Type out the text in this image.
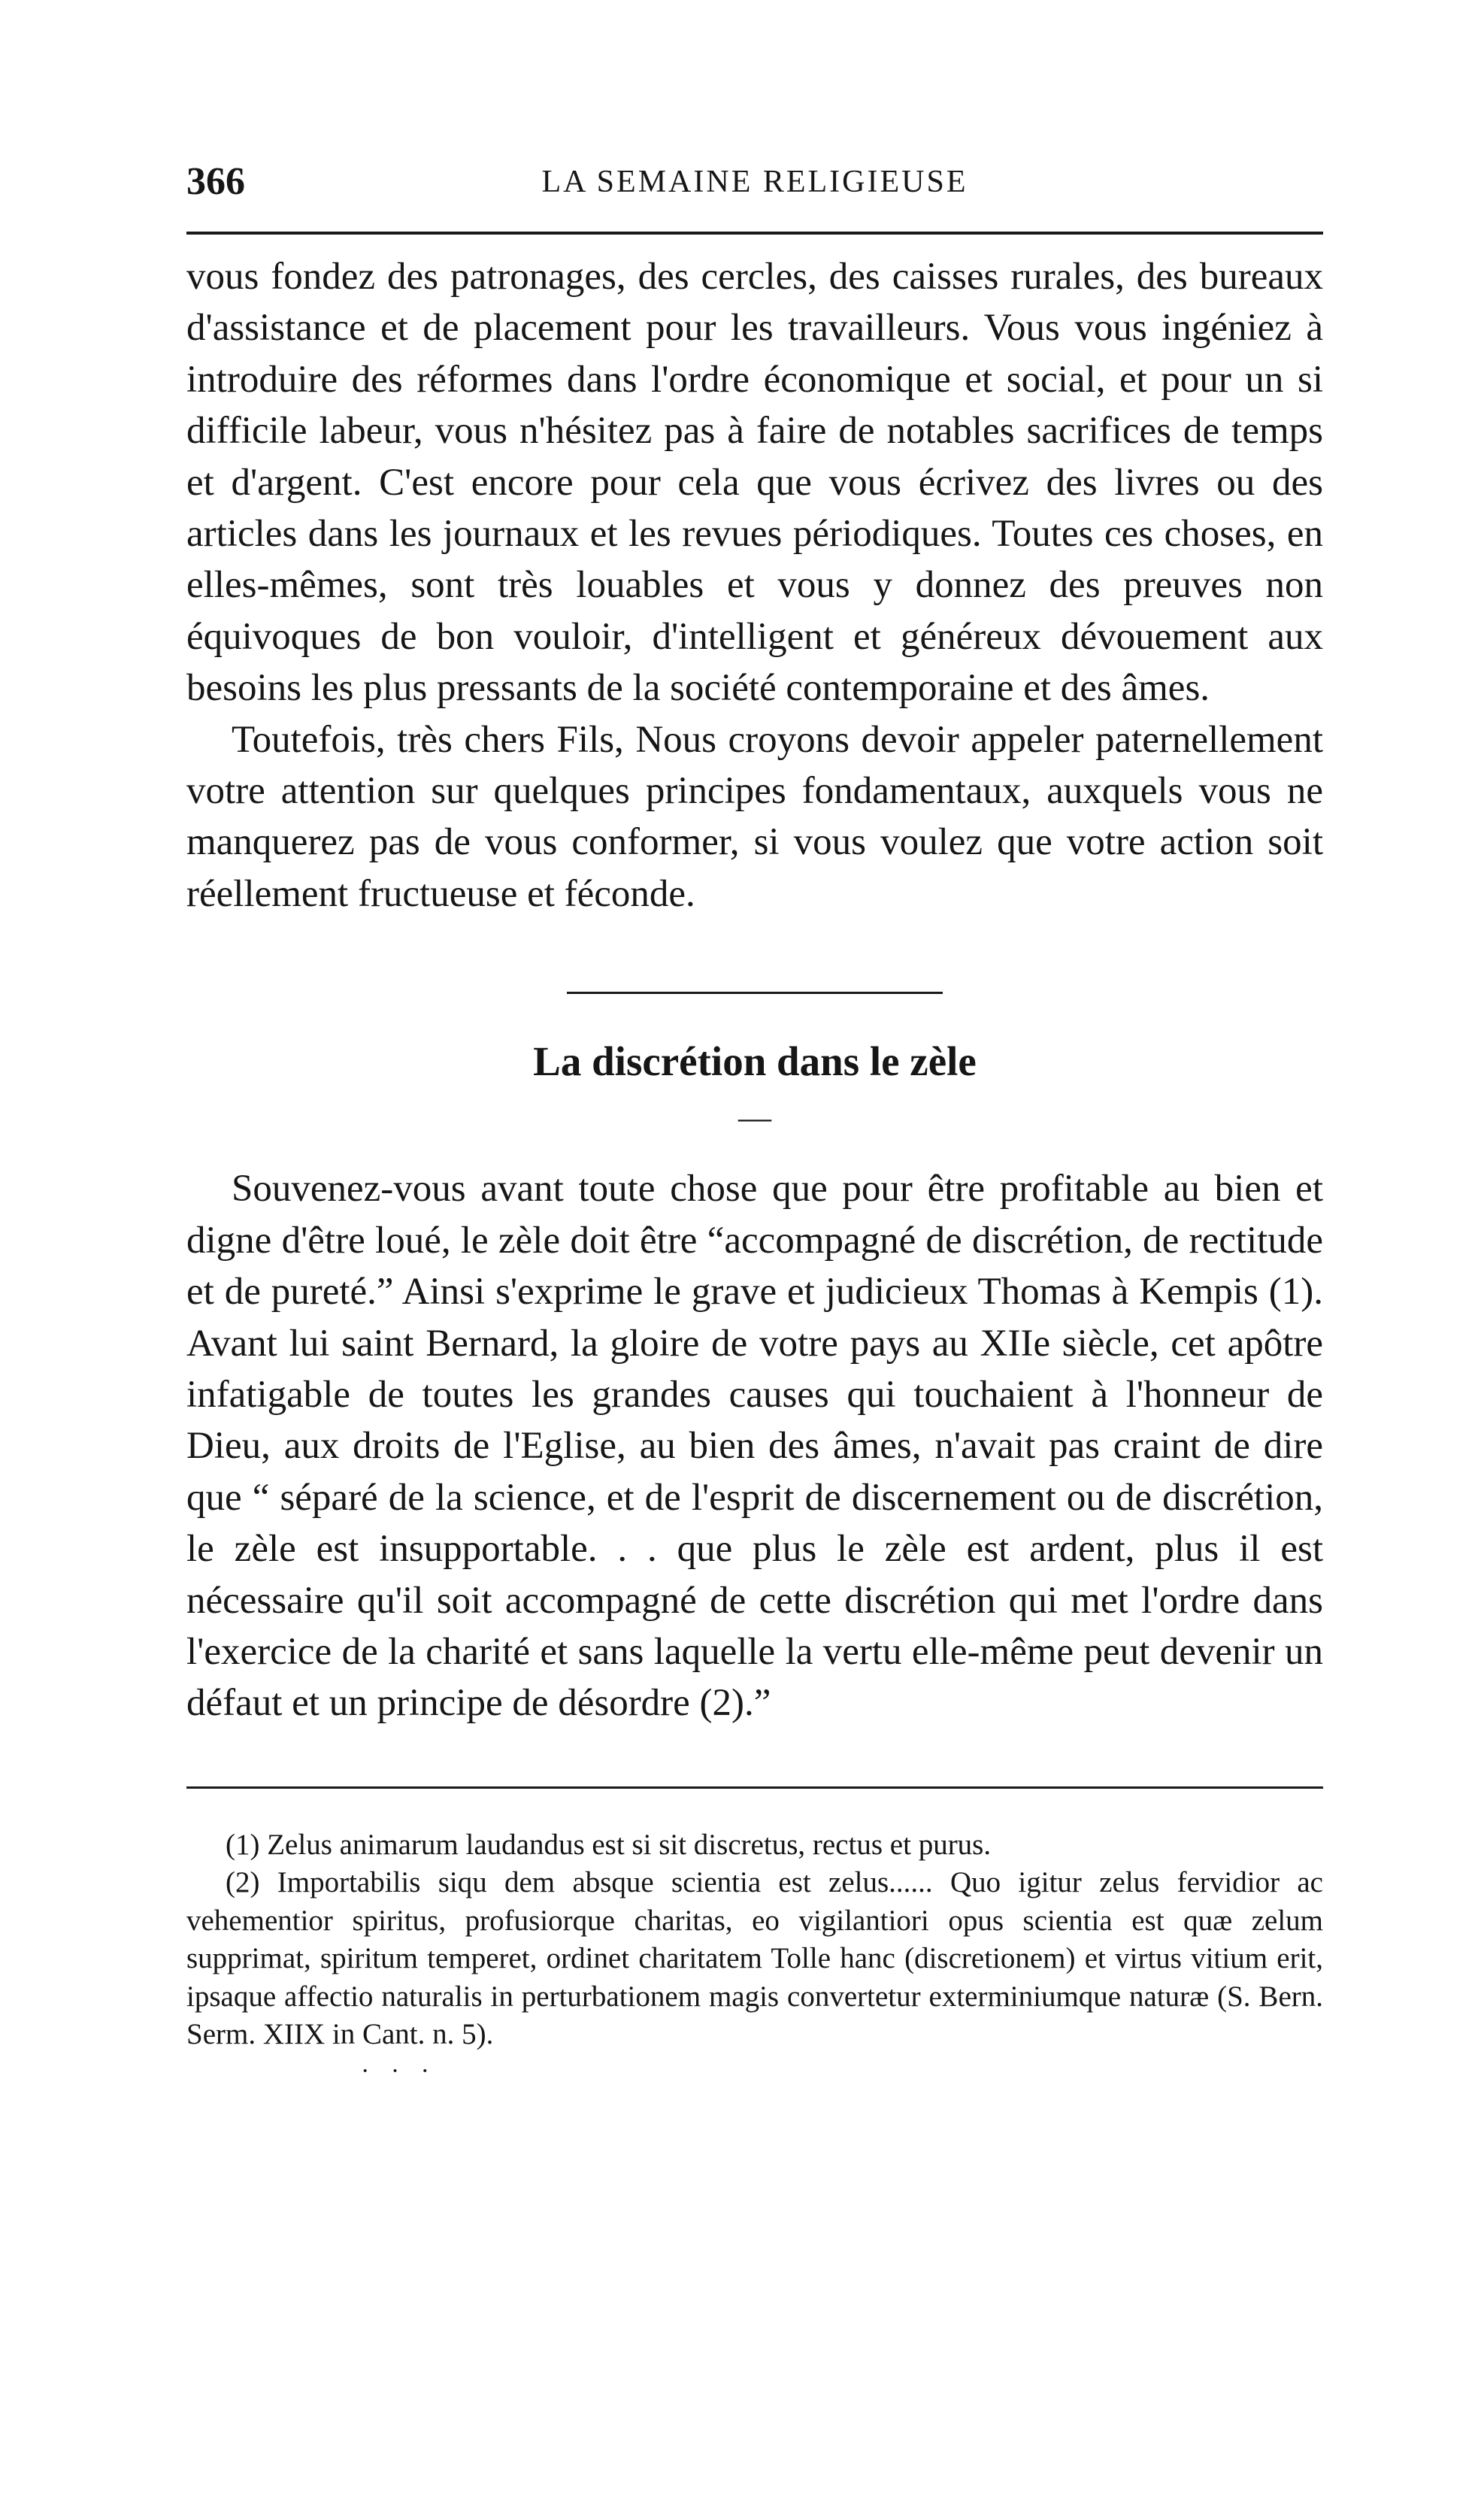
366	LA SEMAINE RELIGIEUSE

vous fondez des patronages, des cercles, des caisses rurales, des bureaux d'assistance et de placement pour les travailleurs. Vous vous ingéniez à introduire des réformes dans l'ordre économique et social, et pour un si difficile labeur, vous n'hésitez pas à faire de notables sacrifices de temps et d'argent. C'est encore pour cela que vous écrivez des livres ou des articles dans les journaux et les revues périodiques. Toutes ces choses, en elles-mêmes, sont très louables et vous y donnez des preuves non équivoques de bon vouloir, d'intelligent et généreux dévouement aux besoins les plus pressants de la société contemporaine et des âmes.

Toutefois, très chers Fils, Nous croyons devoir appeler paternellement votre attention sur quelques principes fondamentaux, auxquels vous ne manquerez pas de vous conformer, si vous voulez que votre action soit réellement fructueuse et féconde.

La discrétion dans le zèle
—

Souvenez-vous avant toute chose que pour être profitable au bien et digne d'être loué, le zèle doit être “accompagné de discrétion, de rectitude et de pureté.” Ainsi s'exprime le grave et judicieux Thomas à Kempis (1). Avant lui saint Bernard, la gloire de votre pays au XIIe siècle, cet apôtre infatigable de toutes les grandes causes qui touchaient à l'honneur de Dieu, aux droits de l'Eglise, au bien des âmes, n'avait pas craint de dire que “ séparé de la science, et de l'esprit de discernement ou de discrétion, le zèle est insupportable. . . que plus le zèle est ardent, plus il est nécessaire qu'il soit accompagné de cette discrétion qui met l'ordre dans l'exercice de la charité et sans laquelle la vertu elle-même peut devenir un défaut et un principe de désordre (2).”

(1) Zelus animarum laudandus est si sit discretus, rectus et purus.

(2) Importabilis siqu dem absque scientia est zelus...... Quo igitur zelus fervidior ac vehementior spiritus, profusiorque charitas, eo vigilantiori opus scientia est quæ zelum supprimat, spiritum temperet, ordinet charitatem Tolle hanc (discretionem) et virtus vitium erit, ipsaque affectio naturalis in perturbationem magis convertetur exterminiumque naturæ (S. Bern. Serm. XIIX in Cant. n. 5).

· · ·
